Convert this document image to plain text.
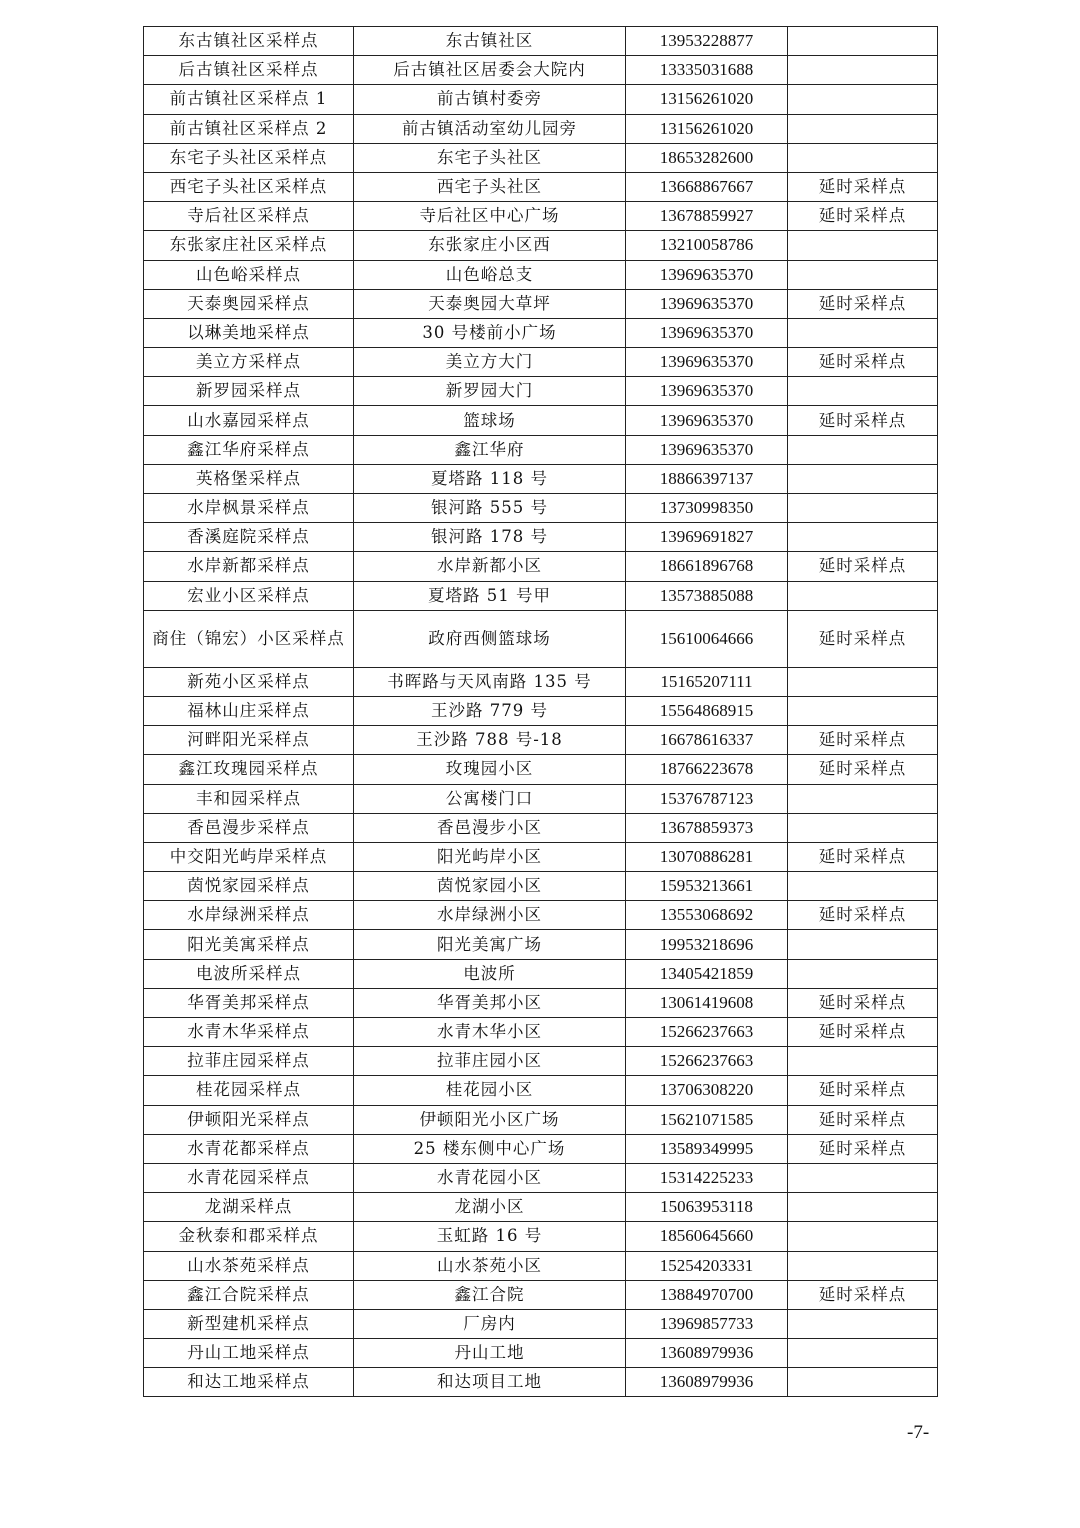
东古镇社区采样点	东古镇社区	13953228877	
后古镇社区采样点	后古镇社区居委会大院内	13335031688	
前古镇社区采样点 1	前古镇村委旁	13156261020	
前古镇社区采样点 2	前古镇活动室幼儿园旁	13156261020	
东宅子头社区采样点	东宅子头社区	18653282600	
西宅子头社区采样点	西宅子头社区	13668867667	延时采样点
寺后社区采样点	寺后社区中心广场	13678859927	延时采样点
东张家庄社区采样点	东张家庄小区西	13210058786	
山色峪采样点	山色峪总支	13969635370	
天泰奥园采样点	天泰奥园大草坪	13969635370	延时采样点
以琳美地采样点	30 号楼前小广场	13969635370	
美立方采样点	美立方大门	13969635370	延时采样点
新罗园采样点	新罗园大门	13969635370	
山水嘉园采样点	篮球场	13969635370	延时采样点
鑫江华府采样点	鑫江华府	13969635370	
英格堡采样点	夏塔路 118 号	18866397137	
水岸枫景采样点	银河路 555 号	13730998350	
香溪庭院采样点	银河路 178 号	13969691827	
水岸新都采样点	水岸新都小区	18661896768	延时采样点
宏业小区采样点	夏塔路 51 号甲	13573885088	
商住（锦宏）小区采样点	政府西侧篮球场	15610064666	延时采样点
新苑小区采样点	书晖路与天风南路 135 号	15165207111	
福林山庄采样点	王沙路 779 号	15564868915	
河畔阳光采样点	王沙路 788 号-18	16678616337	延时采样点
鑫江玫瑰园采样点	玫瑰园小区	18766223678	延时采样点
丰和园采样点	公寓楼门口	15376787123	
香邑漫步采样点	香邑漫步小区	13678859373	
中交阳光屿岸采样点	阳光屿岸小区	13070886281	延时采样点
茵悦家园采样点	茵悦家园小区	15953213661	
水岸绿洲采样点	水岸绿洲小区	13553068692	延时采样点
阳光美寓采样点	阳光美寓广场	19953218696	
电波所采样点	电波所	13405421859	
华胥美邦采样点	华胥美邦小区	13061419608	延时采样点
水青木华采样点	水青木华小区	15266237663	延时采样点
拉菲庄园采样点	拉菲庄园小区	15266237663	
桂花园采样点	桂花园小区	13706308220	延时采样点
伊顿阳光采样点	伊顿阳光小区广场	15621071585	延时采样点
水青花都采样点	25 楼东侧中心广场	13589349995	延时采样点
水青花园采样点	水青花园小区	15314225233	
龙湖采样点	龙湖小区	15063953118	
金秋泰和郡采样点	玉虹路 16 号	18560645660	
山水茶苑采样点	山水茶苑小区	15254203331	
鑫江合院采样点	鑫江合院	13884970700	延时采样点
新型建机采样点	厂房内	13969857733	
丹山工地采样点	丹山工地	13608979936	
和达工地采样点	和达项目工地	13608979936	
-7-
